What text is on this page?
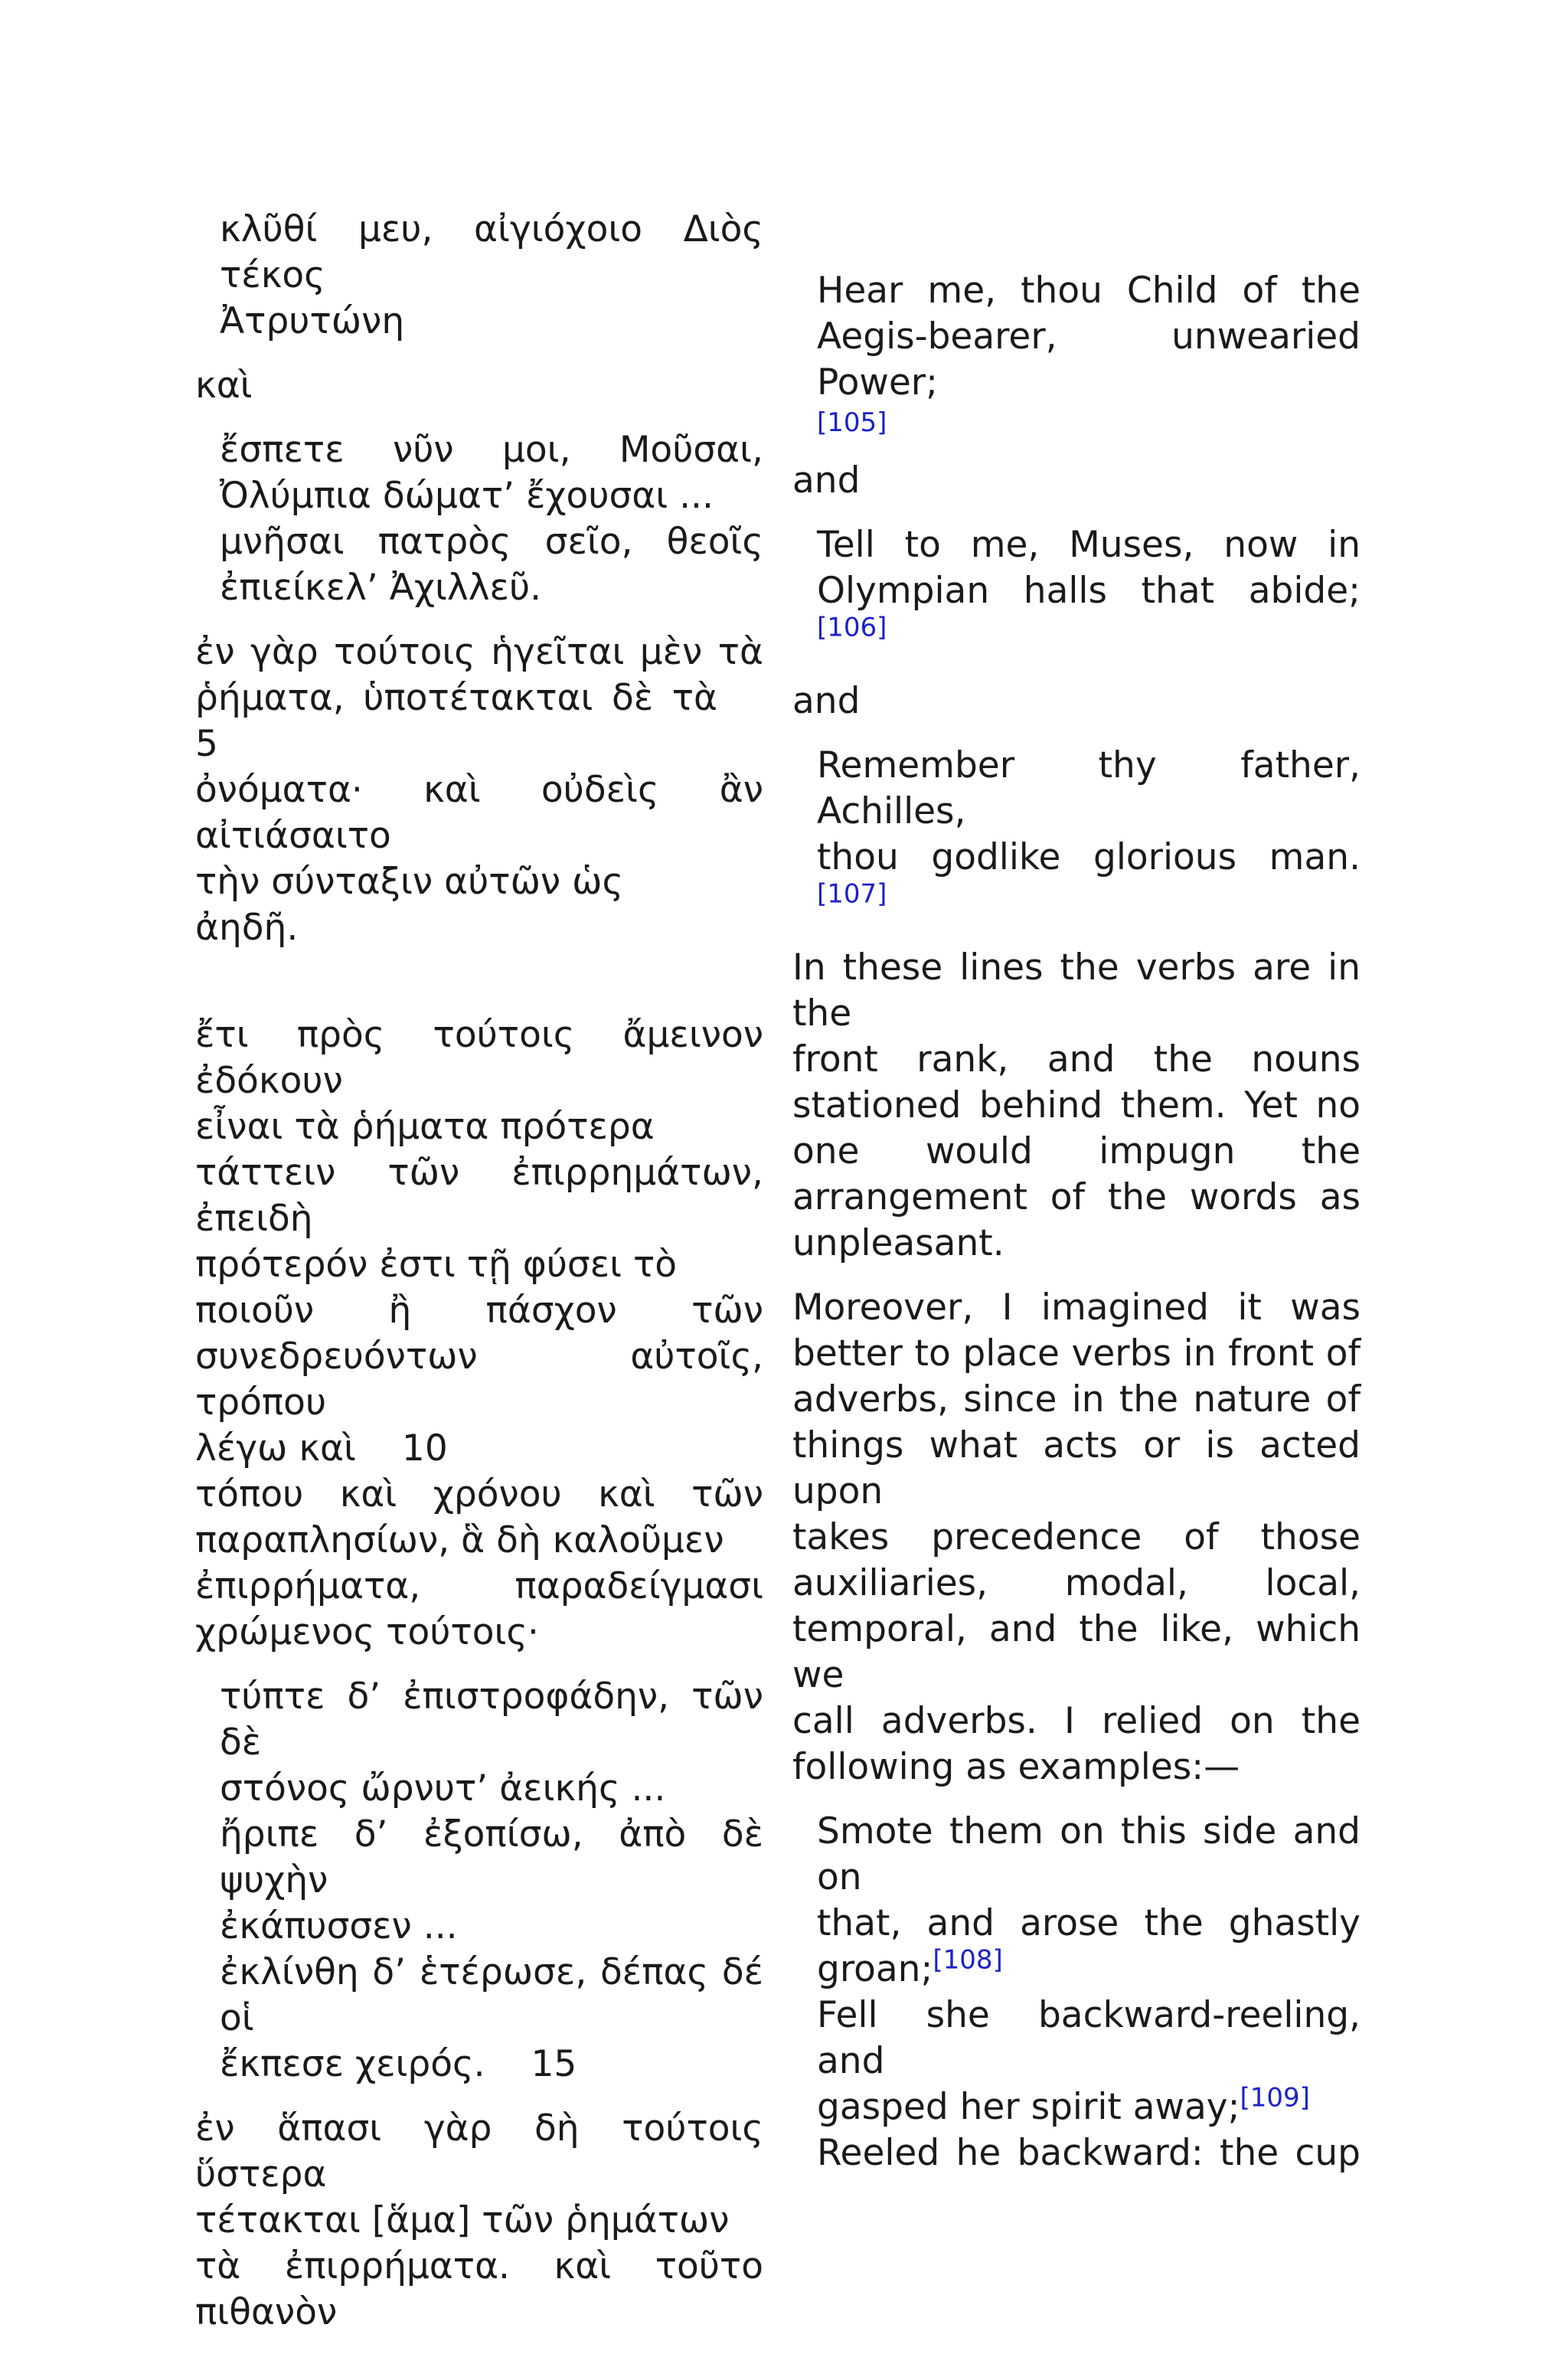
κλῦθί μευ, αἰγιόχοιο Διὸς τέκος
Ἀτρυτώνη
καὶ
ἔσπετε νῦν μοι, Μοῦσαι,
Ὀλύμπια δώματ’ ἔχουσαι ...
μνῆσαι πατρὸς σεῖο, θεοῖς
ἐπιείκελ’ Ἀχιλλεῦ.
ἐν γὰρ τούτοις ἡγεῖται μὲν τὰ
ῥήματα, ὑποτέτακται δὲ τὰ5
ὀνόματα· καὶ οὐδεὶς ἂν αἰτιάσαιτο
τὴν σύνταξιν αὐτῶν ὡς
ἀηδῆ.
ἔτι πρὸς τούτοις ἄμεινον ἐδόκουν
εἶναι τὰ ῥήματα πρότερα
τάττειν τῶν ἐπιρρημάτων, ἐπειδὴ
πρότερόν ἐστι τῇ φύσει τὸ
ποιοῦν ἢ πάσχον τῶν
συνεδρευόντων αὐτοῖς, τρόπου
λέγω καὶ 10
τόπου καὶ χρόνου καὶ τῶν
παραπλησίων, ἃ δὴ καλοῦμεν
ἐπιρρήματα, παραδείγμασι
χρώμενος τούτοις·
τύπτε δ’ ἐπιστροφάδην, τῶν δὲ
στόνος ὤρνυτ’ ἀεικής ...
ἤριπε δ’ ἐξοπίσω, ἀπὸ δὲ ψυχὴν
ἐκάπυσσεν ...
ἐκλίνθη δ’ ἑτέρωσε, δέπας δέ οἱ
ἔκπεσε χειρός. 15
ἐν ἅπασι γὰρ δὴ τούτοις ὕστερα
τέτακται [ἅμα] τῶν ῥημάτων
τὰ ἐπιρρήματα. καὶ τοῦτο πιθανὸν
Hear me, thou Child of the
Aegis-bearer, unwearied Power;
[105]
and
Tell to me, Muses, now in
Olympian halls that abide;[106]
and
Remember thy father, Achilles,
thou godlike glorious man.[107]
In these lines the verbs are in the
front rank, and the nouns
stationed behind them. Yet no
one would impugn the
arrangement of the words as
unpleasant.
Moreover, I imagined it was
better to place verbs in front of
adverbs, since in the nature of
things what acts or is acted upon
takes precedence of those
auxiliaries, modal, local,
temporal, and the like, which we
call adverbs. I relied on the
following as examples:—
Smote them on this side and on
that, and arose the ghastly
groan;[108]
Fell she backward-reeling, and
gasped her spirit away;[109]
Reeled he backward: the cup
